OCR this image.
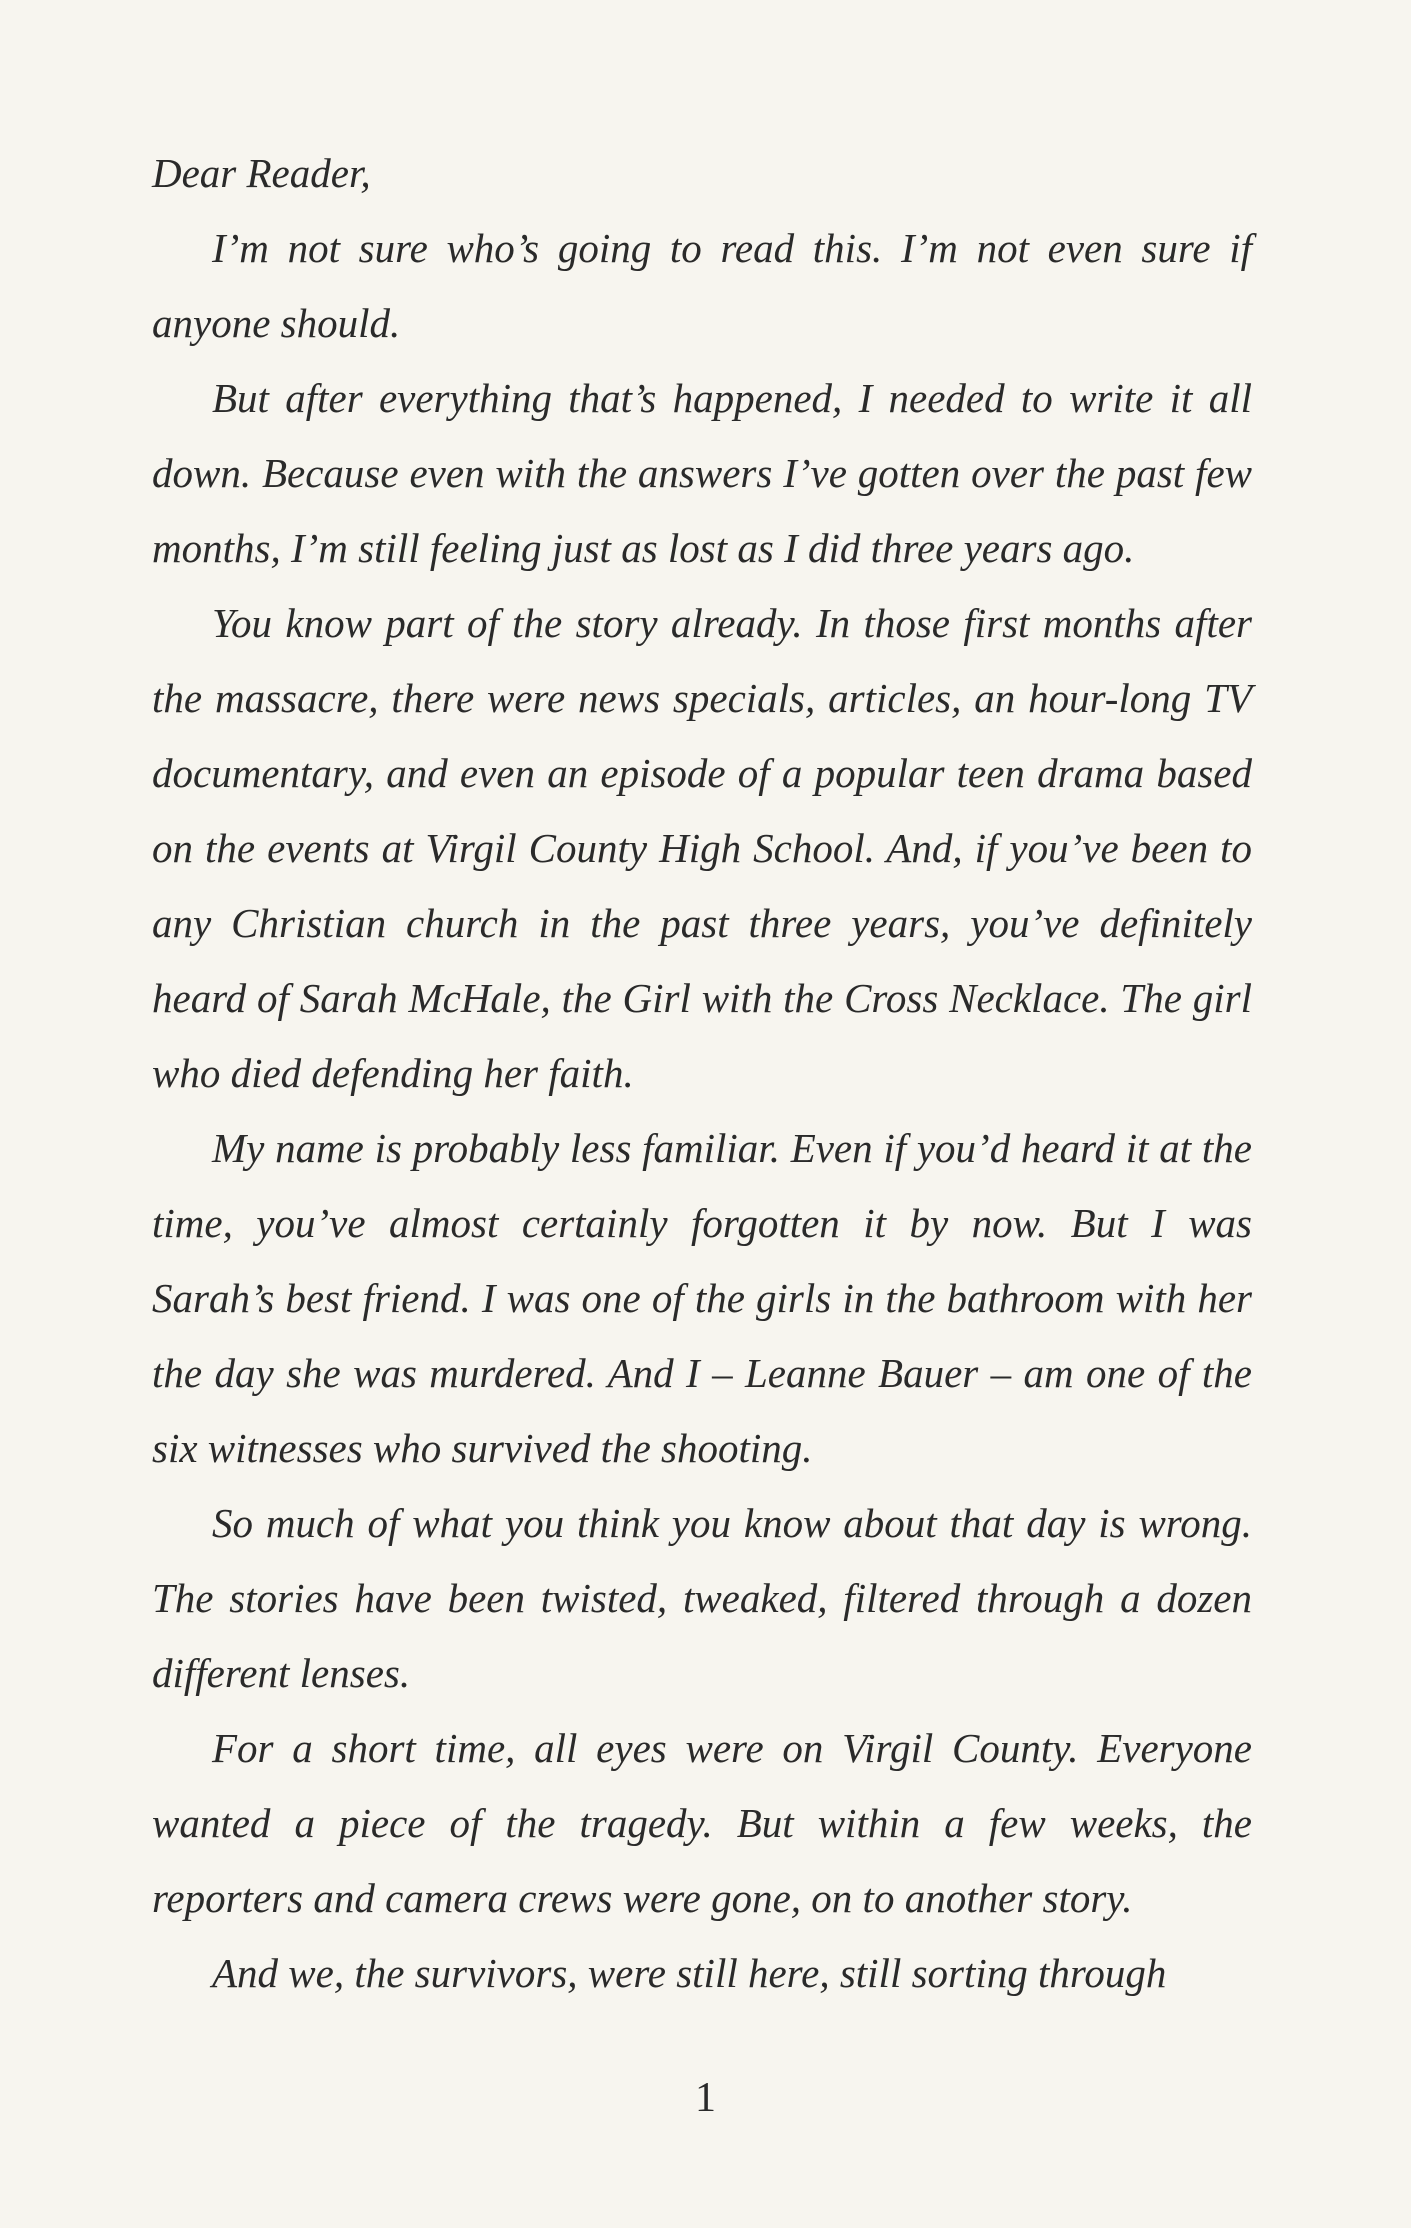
Dear Reader,

I’m not sure who’s going to read this. I’m not even sure if anyone should.

But after everything that’s happened, I needed to write it all down. Because even with the answers I’ve gotten over the past few months, I’m still feeling just as lost as I did three years ago.

You know part of the story already. In those first months after the massacre, there were news specials, articles, an hour-long TV documentary, and even an episode of a popular teen drama based on the events at Virgil County High School. And, if you’ve been to any Christian church in the past three years, you’ve definitely heard of Sarah McHale, the Girl with the Cross Necklace. The girl who died defending her faith.

My name is probably less familiar. Even if you’d heard it at the time, you’ve almost certainly forgotten it by now. But I was Sarah’s best friend. I was one of the girls in the bathroom with her the day she was murdered. And I – Leanne Bauer – am one of the six witnesses who survived the shooting.

So much of what you think you know about that day is wrong. The stories have been twisted, tweaked, filtered through a dozen different lenses.

For a short time, all eyes were on Virgil County. Everyone wanted a piece of the tragedy. But within a few weeks, the reporters and camera crews were gone, on to another story.

And we, the survivors, were still here, still sorting through

1
